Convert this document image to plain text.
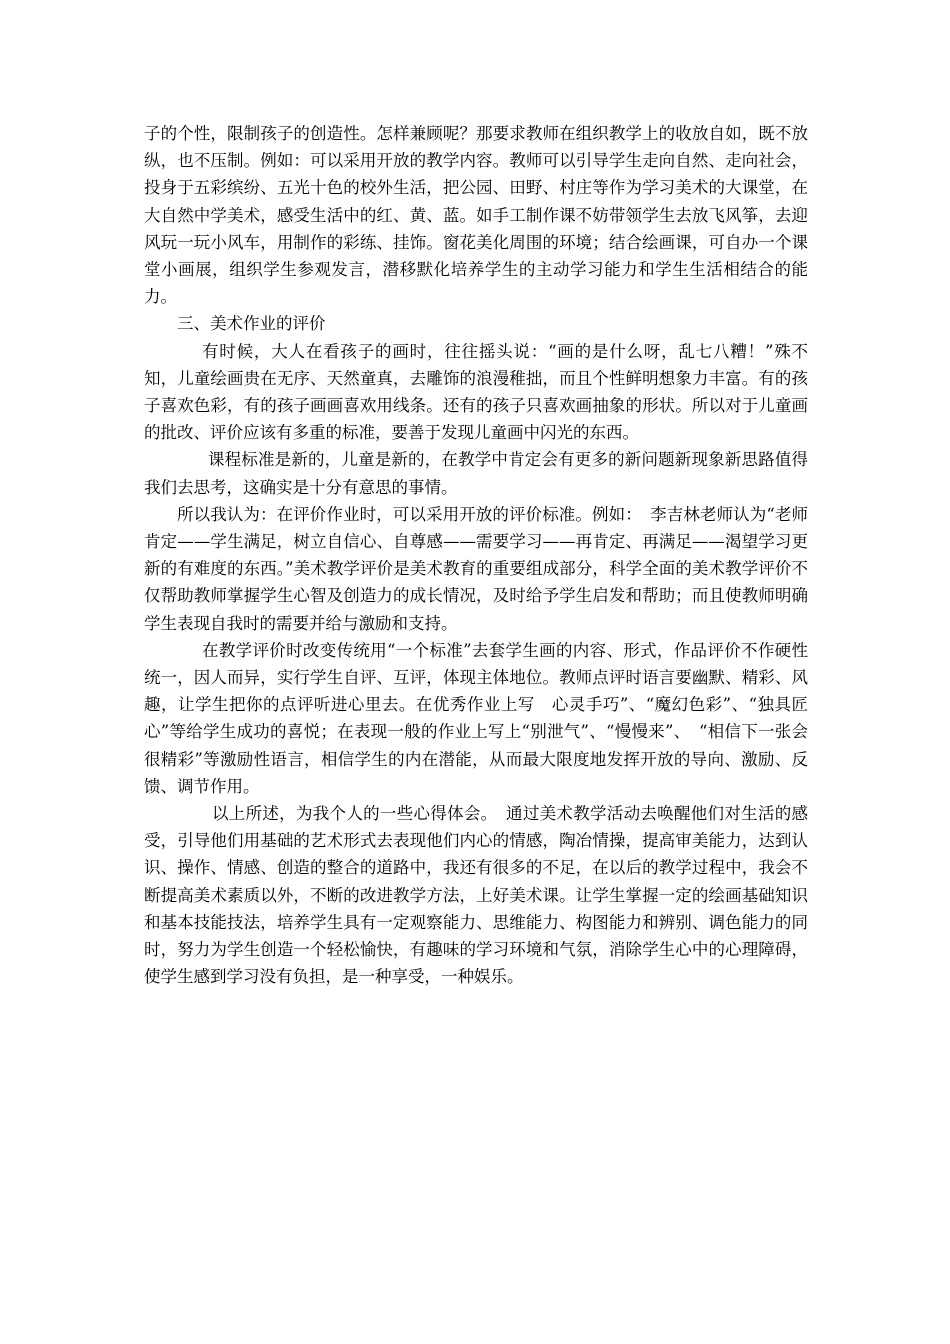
子的个性，限制孩子的创造性。怎样兼顾呢？那要求教师在组织教学上的收放自如，既不放纵，也不压制。例如：可以采用开放的教学内容。教师可以引导学生走向自然、走向社会，投身于五彩缤纷、五光十色的校外生活，把公园、田野、村庄等作为学习美术的大课堂，在大自然中学美术，感受生活中的红、黄、蓝。如手工制作课不妨带领学生去放飞风筝，去迎风玩一玩小风车，用制作的彩练、挂饰。窗花美化周围的环境；结合绘画课，可自办一个课堂小画展，组织学生参观发言，潜移默化培养学生的主动学习能力和学生生活相结合的能力。

三、美术作业的评价

有时候，大人在看孩子的画时，往往摇头说：“画的是什么呀，乱七八糟！”殊不知，儿童绘画贵在无序、天然童真，去雕饰的浪漫稚拙，而且个性鲜明想象力丰富。有的孩子喜欢色彩，有的孩子画画喜欢用线条。还有的孩子只喜欢画抽象的形状。所以对于儿童画的批改、评价应该有多重的标准，要善于发现儿童画中闪光的东西。

课程标准是新的，儿童是新的，在教学中肯定会有更多的新问题新现象新思路值得我们去思考，这确实是十分有意思的事情。

所以我认为：在评价作业时，可以采用开放的评价标准。例如：　李吉林老师认为“老师肯定——学生满足，树立自信心、自尊感——需要学习——再肯定、再满足——渴望学习更新的有难度的东西。”美术教学评价是美术教育的重要组成部分，科学全面的美术教学评价不仅帮助教师掌握学生心智及创造力的成长情况，及时给予学生启发和帮助；而且使教师明确学生表现自我时的需要并给与激励和支持。

在教学评价时改变传统用“一个标准”去套学生画的内容、形式，作品评价不作硬性统一，因人而异，实行学生自评、互评，体现主体地位。教师点评时语言要幽默、精彩、风趣，让学生把你的点评听进心里去。在优秀作业上写　心灵手巧”、“魔幻色彩”、“独具匠心”等给学生成功的喜悦；在表现一般的作业上写上“别泄气”、“慢慢来”、　“相信下一张会很精彩”等激励性语言，相信学生的内在潜能，从而最大限度地发挥开放的导向、激励、反馈、调节作用。

以上所述，为我个人的一些心得体会。　通过美术教学活动去唤醒他们对生活的感受，引导他们用基础的艺术形式去表现他们内心的情感，陶冶情操，提高审美能力，达到认识、操作、情感、创造的整合的道路中，我还有很多的不足，在以后的教学过程中，我会不断提高美术素质以外，不断的改进教学方法，上好美术课。让学生掌握一定的绘画基础知识和基本技能技法，培养学生具有一定观察能力、思维能力、构图能力和辨别、调色能力的同时，努力为学生创造一个轻松愉快，有趣味的学习环境和气氛，消除学生心中的心理障碍，使学生感到学习没有负担，是一种享受，一种娱乐。
